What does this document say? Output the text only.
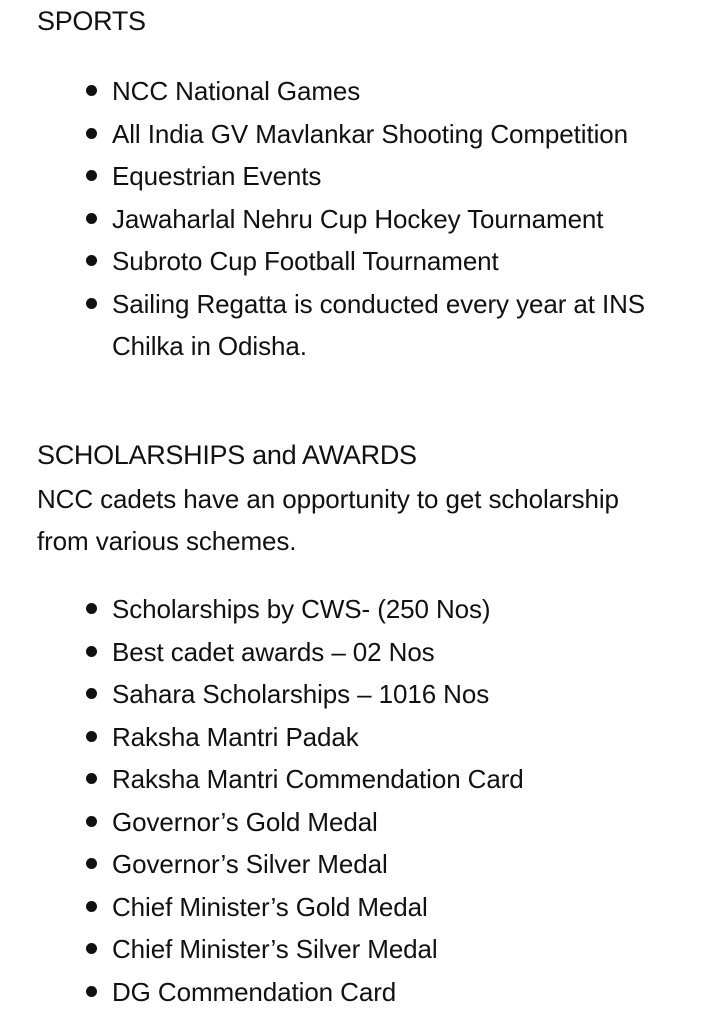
SPORTS
NCC National Games
All India GV Mavlankar Shooting Competition
Equestrian Events
Jawaharlal Nehru Cup Hockey Tournament
Subroto Cup Football Tournament
Sailing Regatta is conducted every year at INS Chilka in Odisha.
SCHOLARSHIPS and AWARDS

NCC cadets have an opportunity to get scholarship from various schemes.

Scholarships by CWS- (250 Nos)
Best cadet awards – 02 Nos
Sahara Scholarships – 1016 Nos
Raksha Mantri Padak
Raksha Mantri Commendation Card
Governor’s Gold Medal
Governor’s Silver Medal
Chief Minister’s Gold Medal
Chief Minister’s Silver Medal
DG Commendation Card
